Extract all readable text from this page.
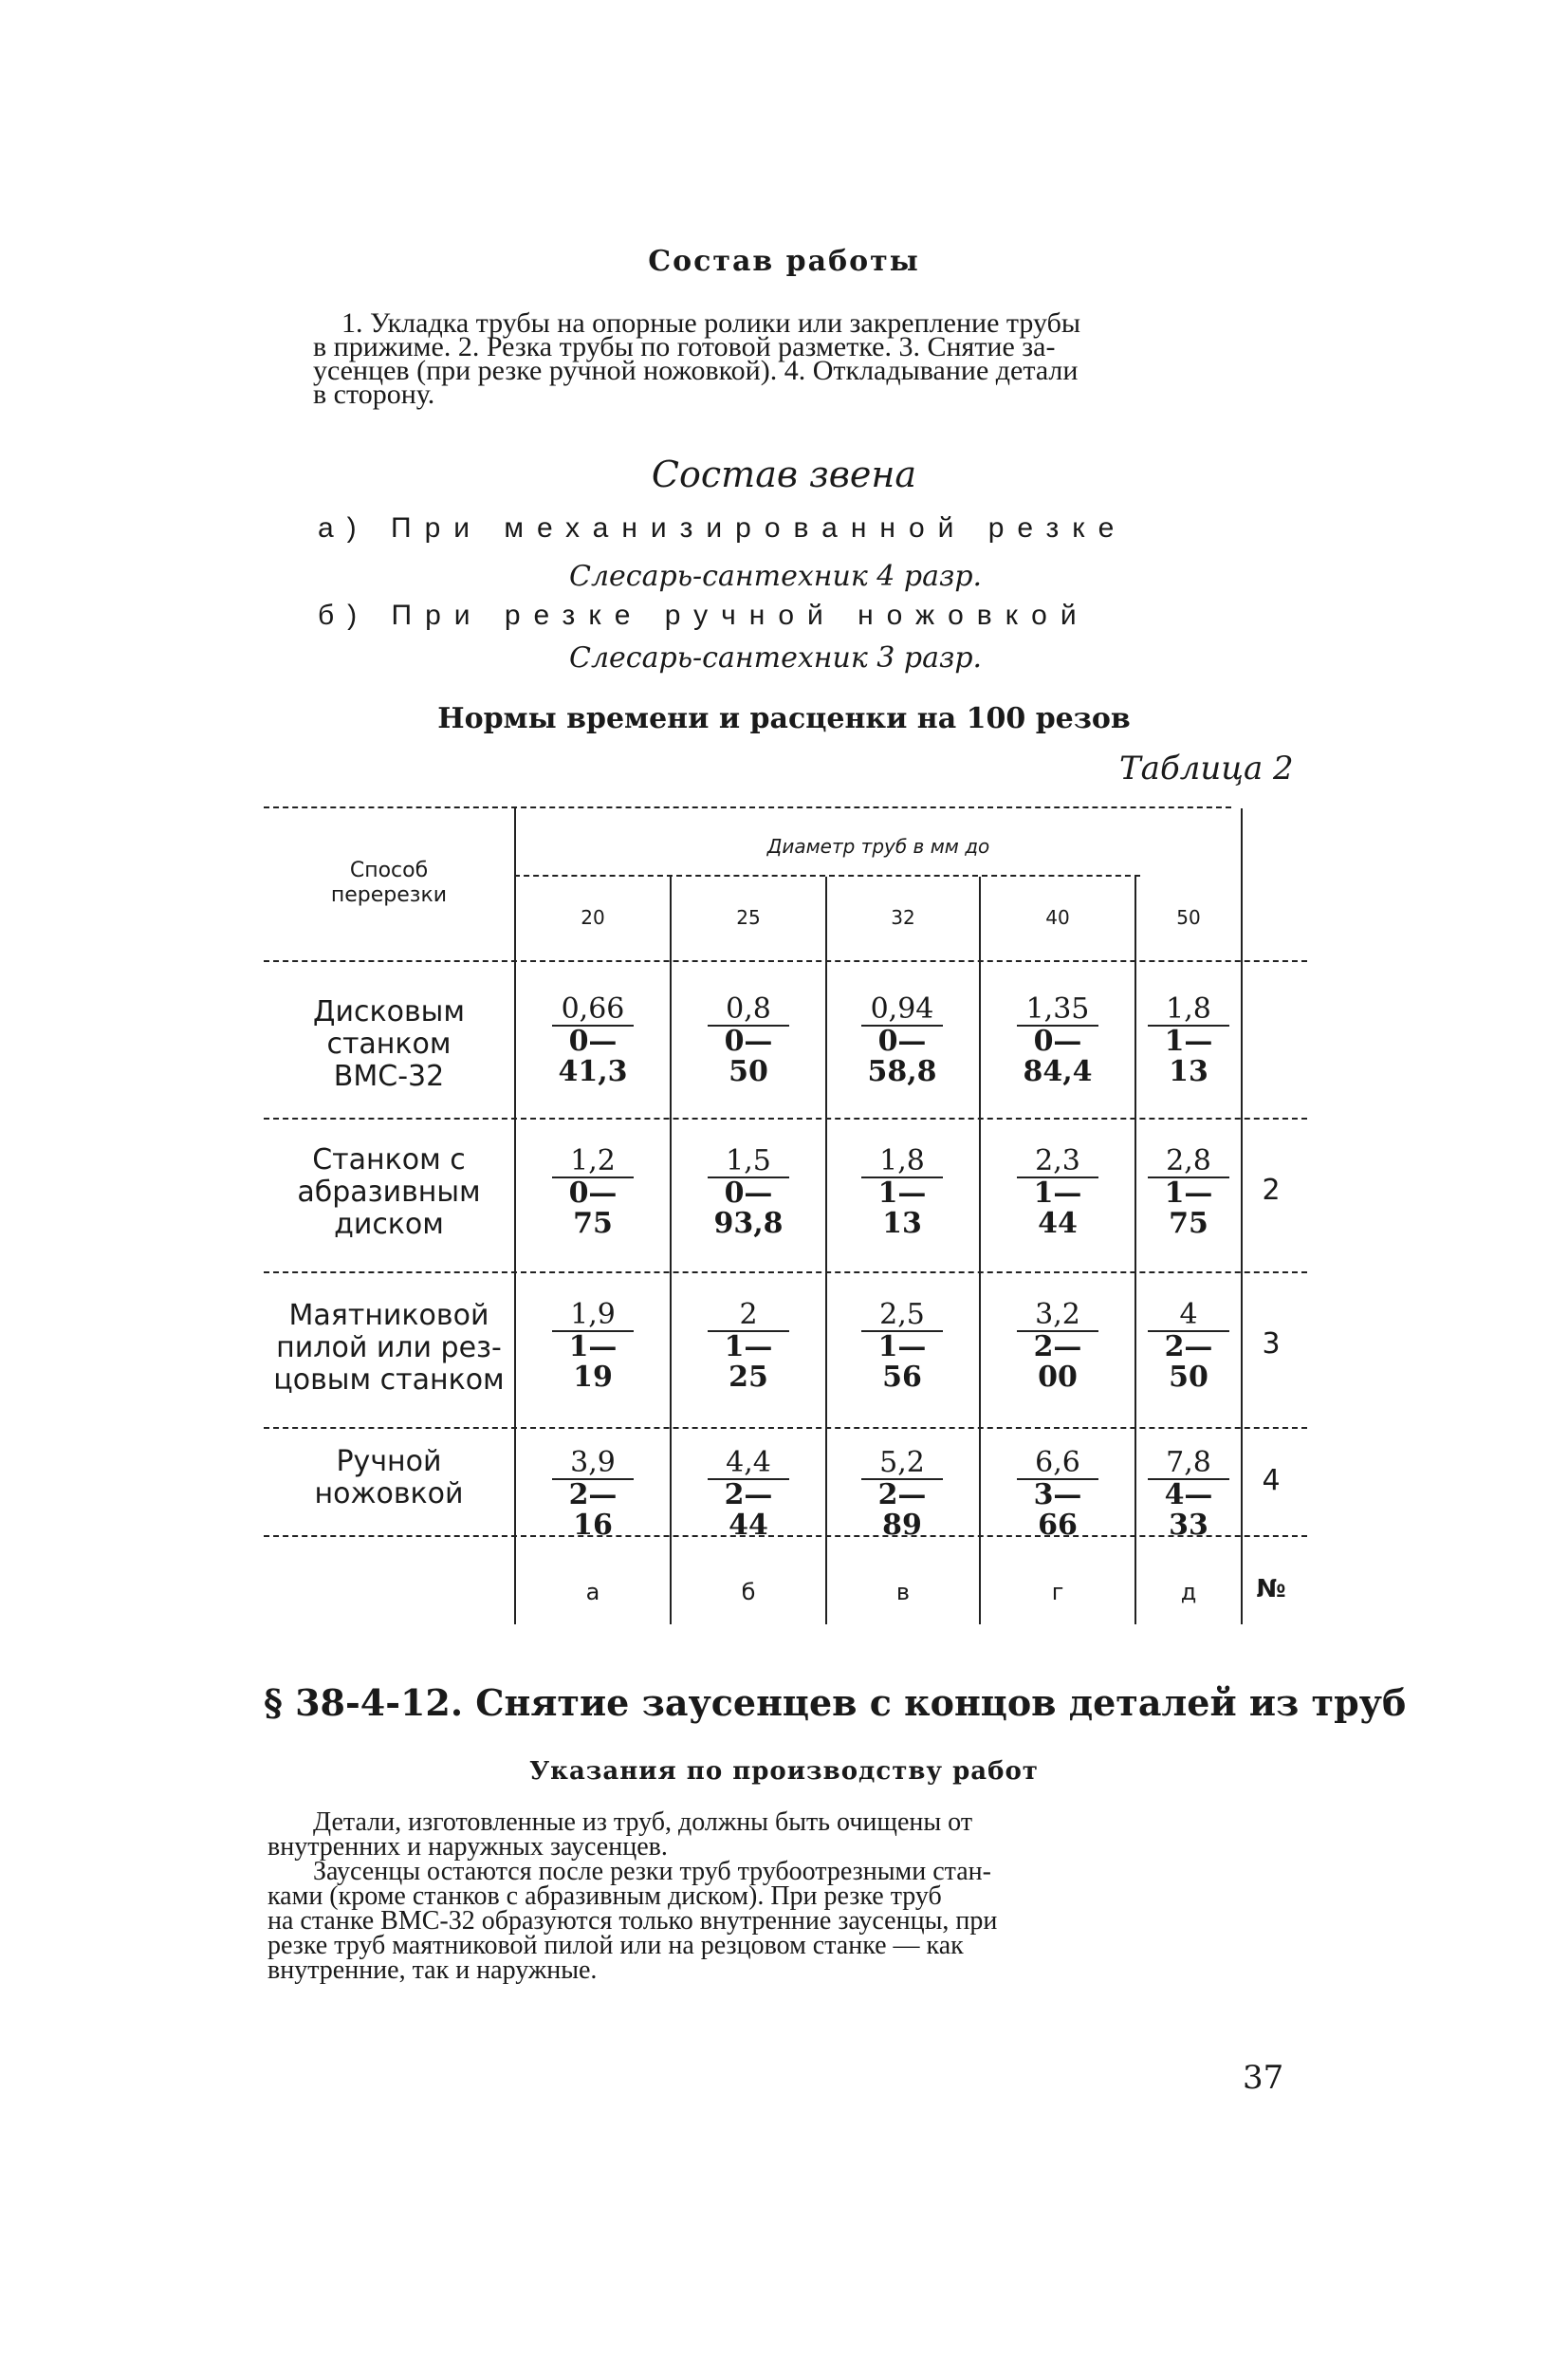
Состав работы
1. Укладка трубы на опорные ролики или закрепление трубы
в прижиме. 2. Резка трубы по готовой разметке. 3. Снятие за-
усенцев (при резке ручной ножовкой). 4. Откладывание детали
в сторону.
Состав звена
а) При механизированной резке
Слесарь-сантехник 4 разр.
б) При резке ручной ножовкой
Слесарь-сантехник 3 разр.
Нормы времени и расценки на 100 резов
Таблица 2
Способ
перерезки
Диаметр труб в мм до
20	25	32	40	50
Дисковым
станком
ВМС-32	$\frac{0,66}{0—41,3} \frac{0,8}{0—50} \frac{0,94}{0—58,8} \frac{1,35}{0—84,4} \frac{1,8}{1—13}$
Станком с
абразивным
диском	$\frac{1,2}{0—75} \frac{1,5}{0—93,8} \frac{1,8}{1—13} \frac{2,3}{1—44} \frac{2,8}{1—75} 2$
Маятниковой
пилой или рез-
цовым станком $\frac{1,9}{1—19} \frac{2}{1—25} \frac{2,5}{1—56} \frac{3,2}{2—00} \frac{4}{2—50} 3$
Ручной
ножовкой	$\frac{3,9}{2—16} \frac{4,4}{2—44} \frac{5,2}{2—89} \frac{6,6}{3—66} \frac{7,8}{4—33} 4$
а	б	в	г	д	№
§ 38-4-12. Снятие заусенцев с концов деталей из труб
Указания по производству работ
Детали, изготовленные из труб, должны быть очищены от
внутренних и наружных заусенцев.
Заусенцы остаются после резки труб трубоотрезными стан-
ками (кроме станков с абразивным диском). При резке труб
на станке ВМС-32 образуются только внутренние заусенцы, при
резке труб маятниковой пилой или на резцовом станке — как
внутренние, так и наружные.
37
